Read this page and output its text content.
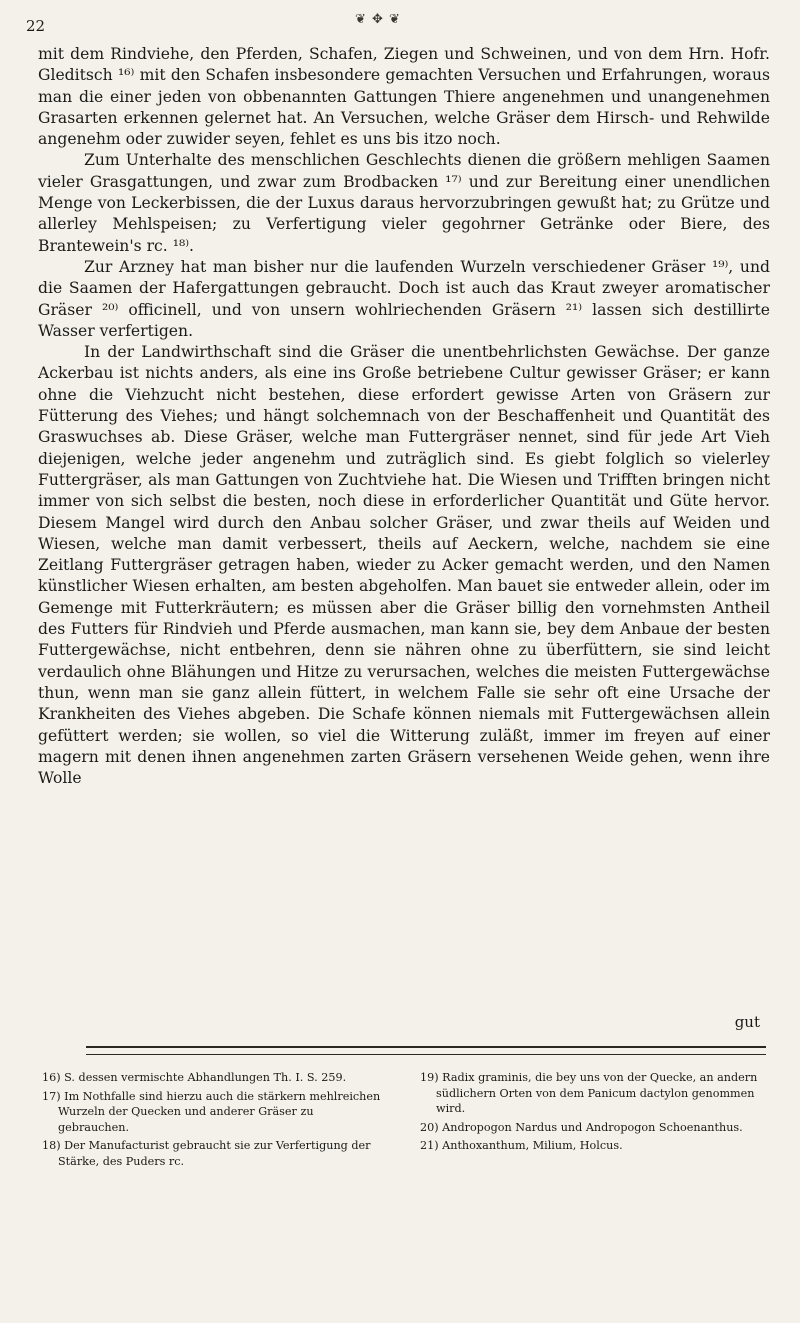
22	❦ ✥ ❦

mit dem Rindviehe, den Pferden, Schafen, Ziegen und Schweinen, und von dem Hrn. Hofr. Gleditsch ¹⁶⁾ mit den Schafen insbesondere gemachten Versuchen und Erfahrungen, woraus man die einer jeden von obbenannten Gattungen Thiere angenehmen und unangenehmen Grasarten erkennen gelernet hat. An Versuchen, welche Gräser dem Hirsch- und Rehwilde angenehm oder zuwider seyen, fehlet es uns bis itzo noch.

Zum Unterhalte des menschlichen Geschlechts dienen die größern mehligen Saamen vieler Grasgattungen, und zwar zum Brodbacken ¹⁷⁾ und zur Bereitung einer unendlichen Menge von Leckerbissen, die der Luxus daraus hervorzubringen gewußt hat; zu Grütze und allerley Mehlspeisen; zu Verfertigung vieler gegohrner Getränke oder Biere, des Brantewein's rc. ¹⁸⁾.

Zur Arzney hat man bisher nur die laufenden Wurzeln verschiedener Gräser ¹⁹⁾, und die Saamen der Hafergattungen gebraucht. Doch ist auch das Kraut zweyer aromatischer Gräser ²⁰⁾ officinell, und von unsern wohlriechenden Gräsern ²¹⁾ lassen sich destillirte Wasser verfertigen.

In der Landwirthschaft sind die Gräser die unentbehrlichsten Gewächse. Der ganze Ackerbau ist nichts anders, als eine ins Große betriebene Cultur gewisser Gräser; er kann ohne die Viehzucht nicht bestehen, diese erfordert gewisse Arten von Gräsern zur Fütterung des Viehes; und hängt solchemnach von der Beschaffenheit und Quantität des Graswuchses ab. Diese Gräser, welche man Futtergräser nennet, sind für jede Art Vieh diejenigen, welche jeder angenehm und zuträglich sind. Es giebt folglich so vielerley Futtergräser, als man Gattungen von Zuchtviehe hat. Die Wiesen und Trifften bringen nicht immer von sich selbst die besten, noch diese in erforderlicher Quantität und Güte hervor. Diesem Mangel wird durch den Anbau solcher Gräser, und zwar theils auf Weiden und Wiesen, welche man damit verbessert, theils auf Aeckern, welche, nachdem sie eine Zeitlang Futtergräser getragen haben, wieder zu Acker gemacht werden, und den Namen künstlicher Wiesen erhalten, am besten abgeholfen. Man bauet sie entweder allein, oder im Gemenge mit Futterkräutern; es müssen aber die Gräser billig den vornehmsten Antheil des Futters für Rindvieh und Pferde ausmachen, man kann sie, bey dem Anbaue der besten Futtergewächse, nicht entbehren, denn sie nähren ohne zu überfüttern, sie sind leicht verdaulich ohne Blähungen und Hitze zu verursachen, welches die meisten Futtergewächse thun, wenn man sie ganz allein füttert, in welchem Falle sie sehr oft eine Ursache der Krankheiten des Viehes abgeben. Die Schafe können niemals mit Futtergewächsen allein gefüttert werden; sie wollen, so viel die Witterung zuläßt, immer im freyen auf einer magern mit denen ihnen angenehmen zarten Gräsern versehenen Weide gehen, wenn ihre Wolle

gut

16) S. dessen vermischte Abhandlungen Th. I. S. 259.

17) Im Nothfalle sind hierzu auch die stärkern mehlreichen Wurzeln der Quecken und anderer Gräser zu gebrauchen.

18) Der Manufacturist gebraucht sie zur Verfertigung der Stärke, des Puders rc.

19) Radix graminis, die bey uns von der Quecke, an andern südlichern Orten von dem Panicum dactylon genommen wird.

20) Andropogon Nardus und Andropogon Schoenanthus.

21) Anthoxanthum, Milium, Holcus.
